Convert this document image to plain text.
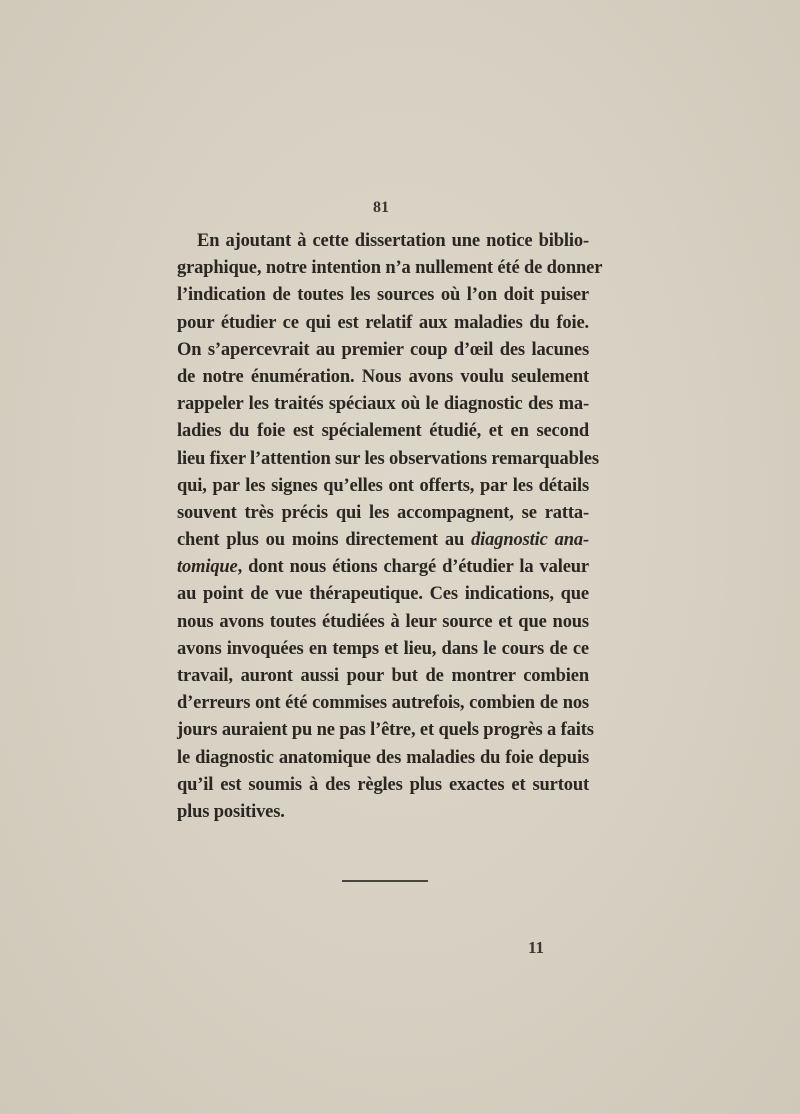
81
En ajoutant à cette dissertation une notice biblio-
graphique, notre intention n’a nullement été de donner
l’indication de toutes les sources où l’on doit puiser
pour étudier ce qui est relatif aux maladies du foie.
On s’apercevrait au premier coup d’œil des lacunes
de notre énumération. Nous avons voulu seulement
rappeler les traités spéciaux où le diagnostic des ma-
ladies du foie est spécialement étudié, et en second
lieu fixer l’attention sur les observations remarquables
qui, par les signes qu’elles ont offerts, par les détails
souvent très précis qui les accompagnent, se ratta-
chent plus ou moins directement au diagnostic ana-
tomique, dont nous étions chargé d’étudier la valeur
au point de vue thérapeutique. Ces indications, que
nous avons toutes étudiées à leur source et que nous
avons invoquées en temps et lieu, dans le cours de ce
travail, auront aussi pour but de montrer combien
d’erreurs ont été commises autrefois, combien de nos
jours auraient pu ne pas l’être, et quels progrès a faits
le diagnostic anatomique des maladies du foie depuis
qu’il est soumis à des règles plus exactes et surtout
plus positives.
11
